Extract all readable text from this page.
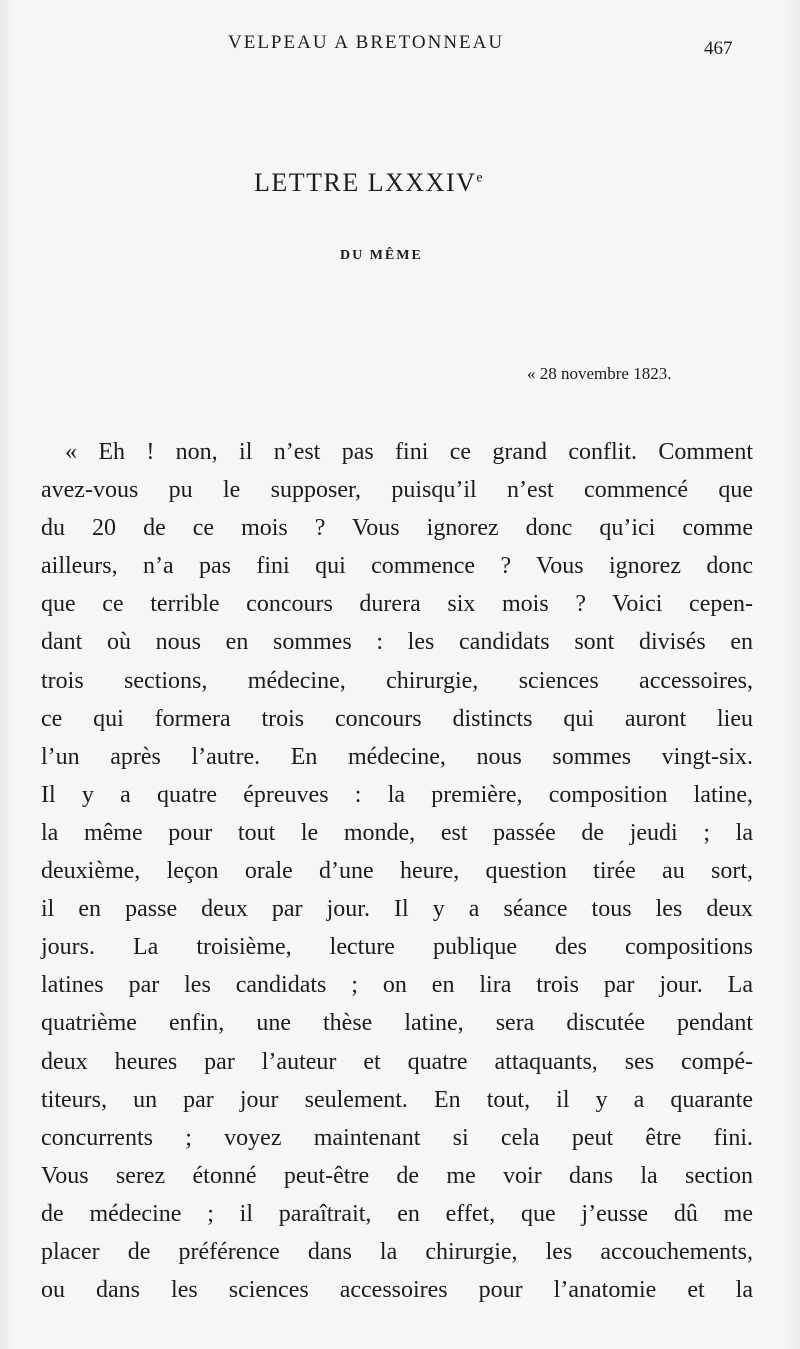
VELPEAU A BRETONNEAU	467
LETTRE LXXXIVe
DU MÊME
« 28 novembre 1823.
« Eh ! non, il n’est pas fini ce grand conflit. Comment
avez-vous pu le supposer, puisqu’il n’est commencé que
du 20 de ce mois ? Vous ignorez donc qu’ici comme
ailleurs, n’a pas fini qui commence ? Vous ignorez donc
que ce terrible concours durera six mois ? Voici cepen-
dant où nous en sommes : les candidats sont divisés en
trois sections, médecine, chirurgie, sciences accessoires,
ce qui formera trois concours distincts qui auront lieu
l’un après l’autre. En médecine, nous sommes vingt-six.
Il y a quatre épreuves : la première, composition latine,
la même pour tout le monde, est passée de jeudi ; la
deuxième, leçon orale d’une heure, question tirée au sort,
il en passe deux par jour. Il y a séance tous les deux
jours. La troisième, lecture publique des compositions
latines par les candidats ; on en lira trois par jour. La
quatrième enfin, une thèse latine, sera discutée pendant
deux heures par l’auteur et quatre attaquants, ses compé-
titeurs, un par jour seulement. En tout, il y a quarante
concurrents ; voyez maintenant si cela peut être fini.
Vous serez étonné peut-être de me voir dans la section
de médecine ; il paraîtrait, en effet, que j’eusse dû me
placer de préférence dans la chirurgie, les accouchements,
ou dans les sciences accessoires pour l’anatomie et la
